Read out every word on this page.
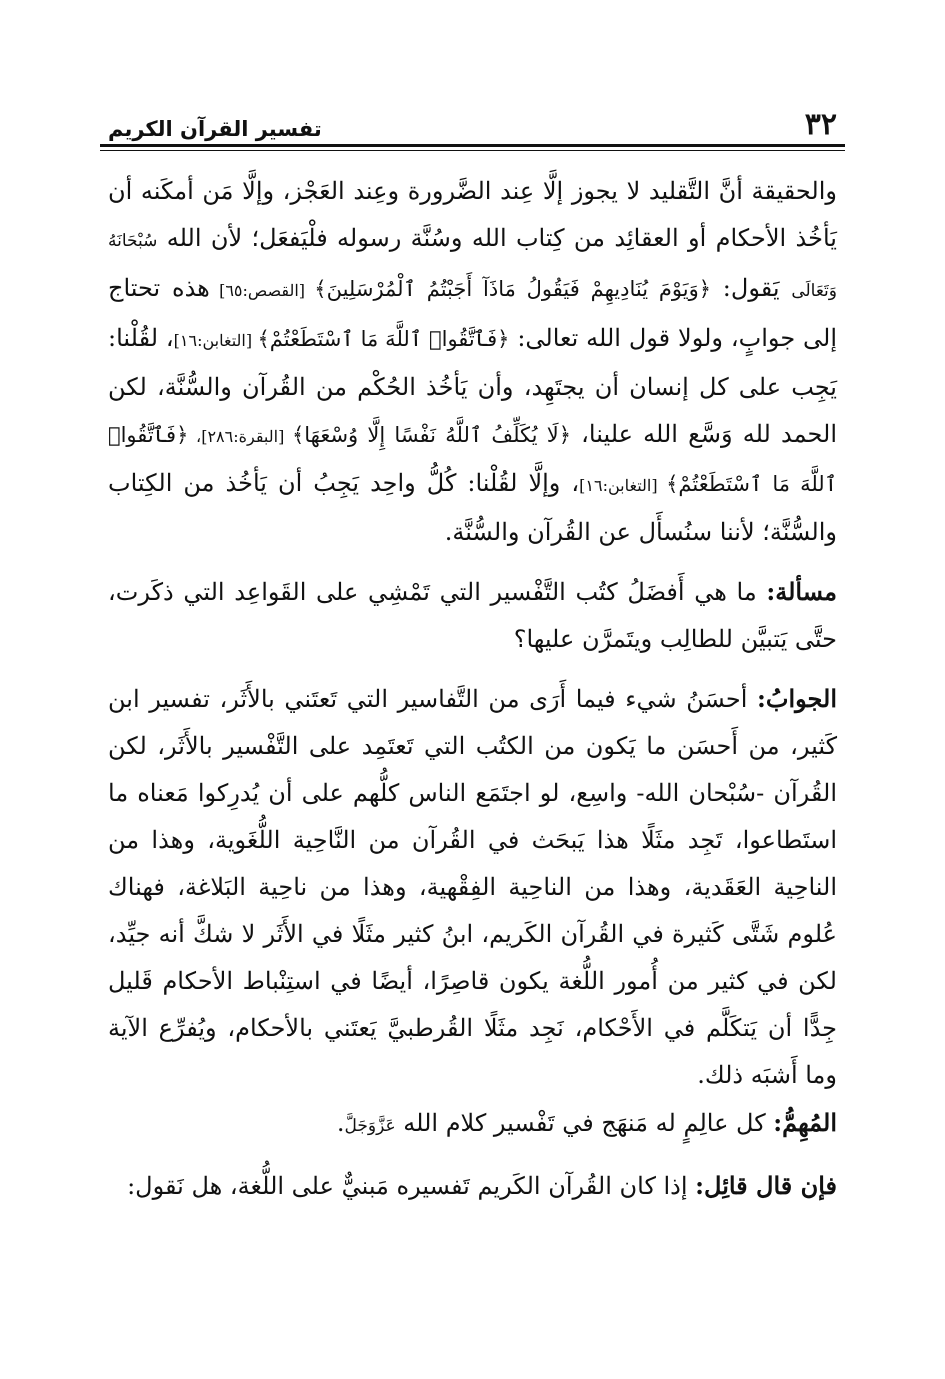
٣٢
تفسير القرآن الكريم

والحقيقة أنَّ التَّقليد لا يجوز إلَّا عِند الضَّرورة وعِند العَجْز، وإلَّا مَن أمكَنه أن يَأخُذ الأحكام أو العقائِد من كِتاب الله وسُنَّة رسوله فلْيَفعَل؛ لأن الله سُبْحَانَهُ وَتَعَالَى يَقول: ﴿وَيَوْمَ يُنَادِيهِمْ فَيَقُولُ مَاذَآ أَجَبْتُمُ ٱلْمُرْسَلِينَ﴾ [القصص:٦٥] هذه تحتاج إلى جوابٍ، ولولا قول الله تعالى: ﴿فَٱتَّقُوا۟ ٱللَّهَ مَا ٱسْتَطَعْتُمْ﴾ [التغابن:١٦]، لقُلْنا: يَجِب على كل إنسان أن يجتَهِد، وأن يَأخُذ الحُكْم من القُرآن والسُّنَّة، لكن الحمد لله وَسَّع الله علينا، ﴿لَا يُكَلِّفُ ٱللَّهُ نَفْسًا إِلَّا وُسْعَهَا﴾ [البقرة:٢٨٦]، ﴿فَٱتَّقُوا۟ ٱللَّهَ مَا ٱسْتَطَعْتُمْ﴾ [التغابن:١٦]، وإلَّا لقُلْنا: كُلُّ واحِد يَجِبُ أن يَأخُذ من الكِتاب والسُّنَّة؛ لأننا سنُسأَل عن القُرآن والسُّنَّة.

مسألة: ما هي أَفضَلُ كتُب التَّفْسير التي تَمْشِي على القَواعِد التي ذكَرت، حتَّى يَتبيَّن للطالِب ويتَمرَّن عليها؟

الجوابُ: أحسَنُ شيء فيما أَرَى من التَّفاسير التي تَعتَني بالأَثَر، تفسير ابن كَثير، من أَحسَن ما يَكون من الكتُب التي تَعتَمِد على التَّفْسير بالأَثَر، لكن القُرآن -سُبْحان الله- واسِع، لو اجتَمَع الناس كلُّهم على أن يُدرِكوا مَعناه ما استَطاعوا، تَجِد مثَلًا هذا يَبحَث في القُرآن من النَّاحِية اللُّغَوية، وهذا من الناحِية العَقَدية، وهذا من الناحِية الفِقْهية، وهذا من ناحِية البَلاغة، فهناك عُلوم شَتَّى كَثيرة في القُرآن الكَريم، ابنُ كثير مثَلًا في الأَثَر لا شكَّ أنه جيِّد، لكن في كثير من أُمور اللُّغة يكون قاصِرًا، أيضًا في استِنْباط الأحكام قَليل جِدًّا أن يَتكَلَّم في الأَحْكام، نَجِد مثَلًا القُرطبيَّ يَعتَني بالأحكام، ويُفرِّع الآية وما أَشبَه ذلك.

المُهِمُّ: كل عالِمٍ له مَنهَج في تَفْسير كلام الله عَزَّوَجَلَّ.

فإن قال قائِل: إذا كان القُرآن الكَريم تَفسيره مَبنيٌّ على اللُّغة، هل نَقول:
